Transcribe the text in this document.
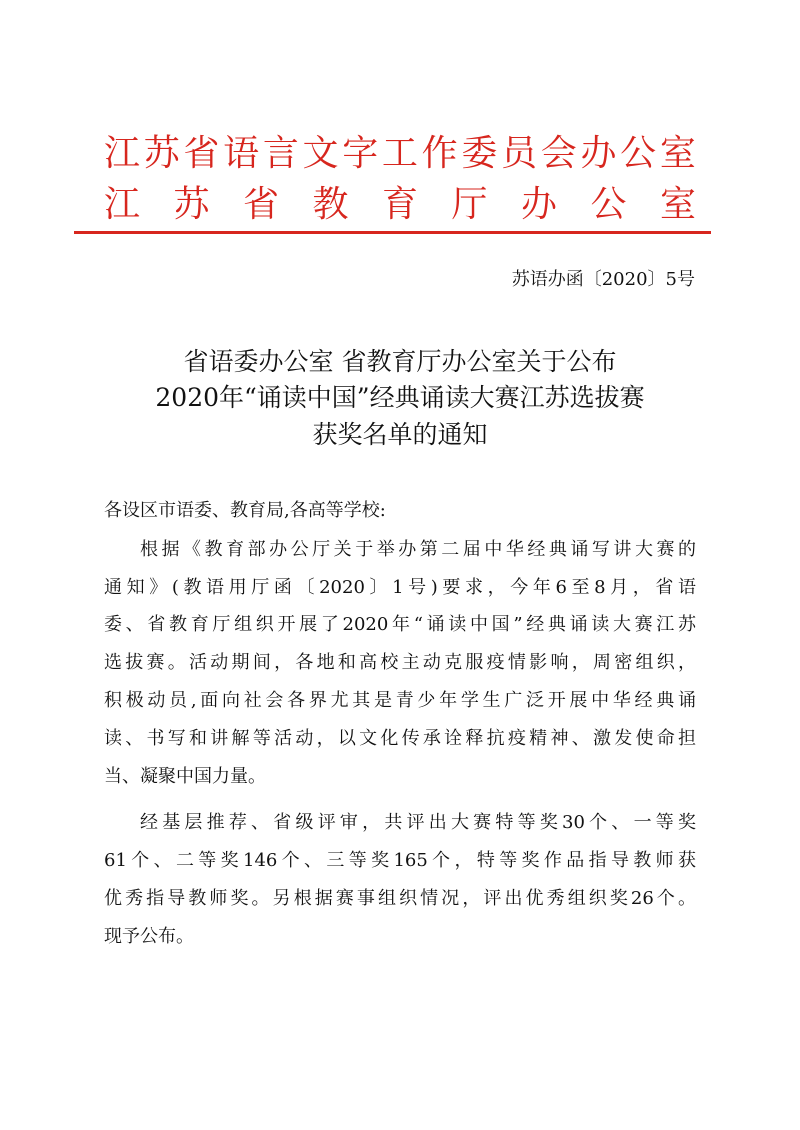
江 苏 省 语 言 文 字 工 作 委 员 会 办 公 室
江 苏 省 教 育 厅 办 公 室
苏语办函〔2020〕5号
省语委办公室 省教育厅办公室关于公布
2020年“诵读中国”经典诵读大赛江苏选拔赛
获奖名单的通知
各设区市语委、教育局,各高等学校:
根据《教育部办公厅关于举办第二届中华经典诵写讲大赛的
通知》(教语用厅函〔2020〕1号)要求，今年6至8月，省语
委、省教育厅组织开展了2020年“诵读中国”经典诵读大赛江苏
选拔赛。活动期间，各地和高校主动克服疫情影响，周密组织，
积极动员,面向社会各界尤其是青少年学生广泛开展中华经典诵
读、书写和讲解等活动，以文化传承诠释抗疫精神、激发使命担
当、凝聚中国力量。
经基层推荐、省级评审，共评出大赛特等奖30个、一等奖
61个、二等奖146个、三等奖165个，特等奖作品指导教师获
优秀指导教师奖。另根据赛事组织情况，评出优秀组织奖26个。
现予公布。
